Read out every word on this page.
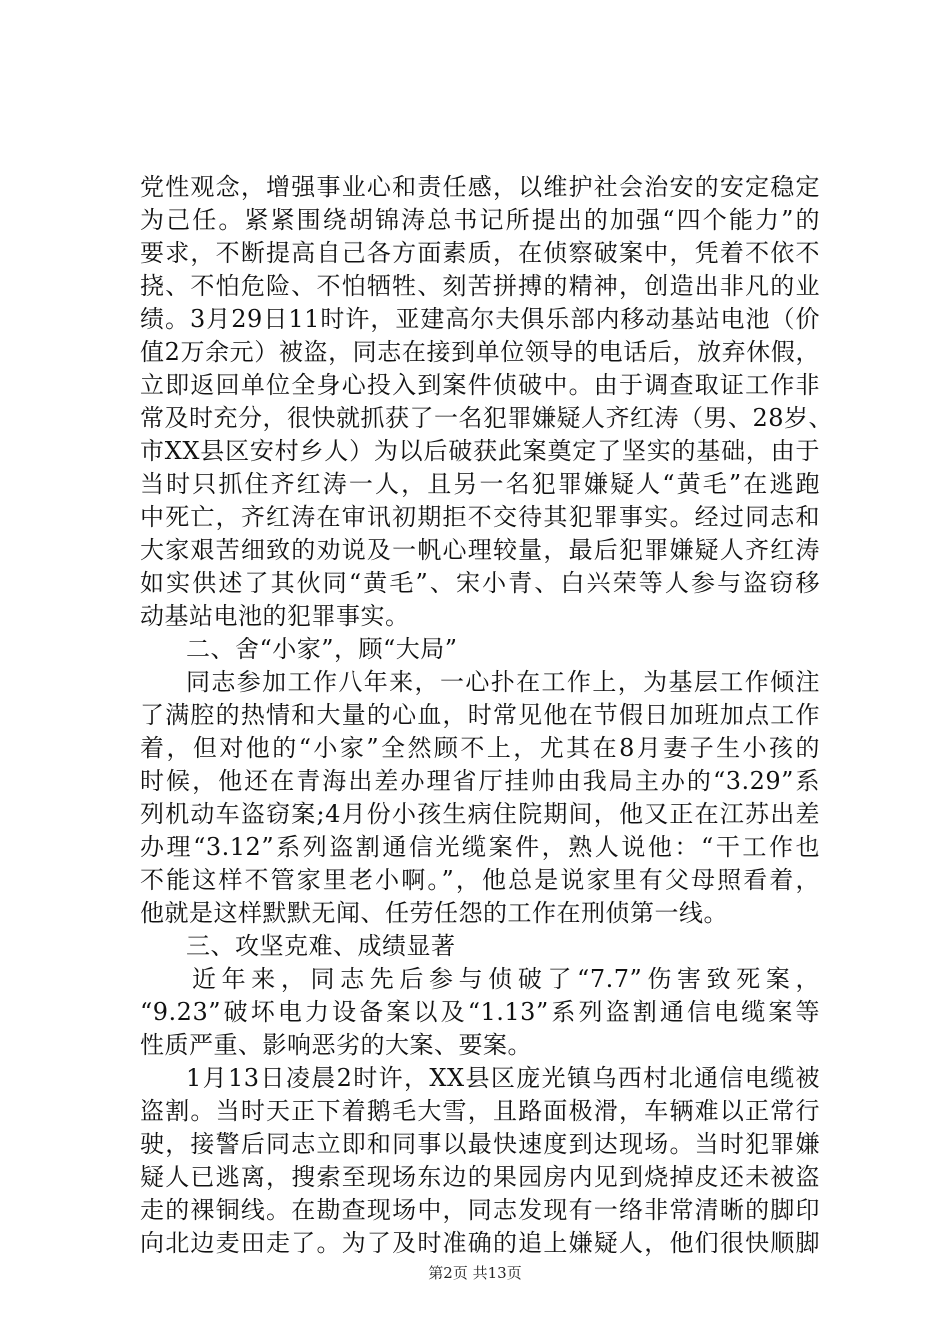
党性观念，增强事业心和责任感，以维护社会治安的安定稳定
为己任。紧紧围绕胡锦涛总书记所提出的加强“四个能力”的
要求，不断提高自己各方面素质，在侦察破案中，凭着不依不
挠、不怕危险、不怕牺牲、刻苦拼搏的精神，创造出非凡的业
绩。3月29日11时许，亚建高尔夫俱乐部内移动基站电池（价
值2万余元）被盗，同志在接到单位领导的电话后，放弃休假，
立即返回单位全身心投入到案件侦破中。由于调查取证工作非
常及时充分，很快就抓获了一名犯罪嫌疑人齐红涛（男、28岁、
市XX县区安村乡人）为以后破获此案奠定了坚实的基础，由于
当时只抓住齐红涛一人，且另一名犯罪嫌疑人“黄毛”在逃跑
中死亡，齐红涛在审讯初期拒不交待其犯罪事实。经过同志和
大家艰苦细致的劝说及一帆心理较量，最后犯罪嫌疑人齐红涛
如实供述了其伙同“黄毛”、宋小青、白兴荣等人参与盗窃移
动基站电池的犯罪事实。
二、舍“小家”，顾“大局”
同志参加工作八年来，一心扑在工作上，为基层工作倾注
了满腔的热情和大量的心血，时常见他在节假日加班加点工作
着，但对他的“小家”全然顾不上，尤其在8月妻子生小孩的
时候，他还在青海出差办理省厅挂帅由我局主办的“3.29”系
列机动车盗窃案;4月份小孩生病住院期间，他又正在江苏出差
办理“3.12”系列盗割通信光缆案件，熟人说他：“干工作也
不能这样不管家里老小啊。”，他总是说家里有父母照看着，
他就是这样默默无闻、任劳任怨的工作在刑侦第一线。
三、攻坚克难、成绩显著
近年来，同志先后参与侦破了“7.7”伤害致死案，
“9.23”破坏电力设备案以及“1.13”系列盗割通信电缆案等
性质严重、影响恶劣的大案、要案。
1月13日凌晨2时许，XX县区庞光镇乌西村北通信电缆被
盗割。当时天正下着鹅毛大雪，且路面极滑，车辆难以正常行
驶，接警后同志立即和同事以最快速度到达现场。当时犯罪嫌
疑人已逃离，搜索至现场东边的果园房内见到烧掉皮还未被盗
走的裸铜线。在勘查现场中，同志发现有一络非常清晰的脚印
向北边麦田走了。为了及时准确的追上嫌疑人，他们很快顺脚
第2页 共13页
